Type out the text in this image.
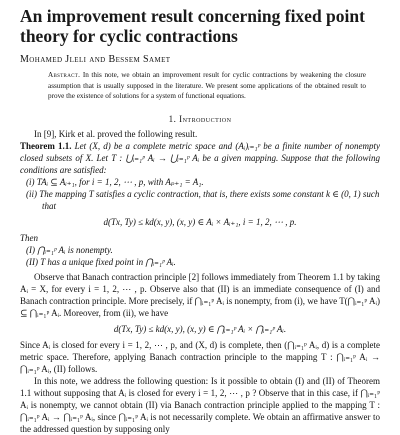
An improvement result concerning fixed point theory for cyclic contractions
Mohamed Jleli and Bessem Samet
Abstract. In this note, we obtain an improvement result for cyclic contractions by weakening the closure assumption that is usually supposed in the literature. We present some applications of the obtained result to prove the existence of solutions for a system of functional equations.
1. Introduction
In [9], Kirk et al. proved the following result.
Theorem 1.1. Let (X, d) be a complete metric space and (Aᵢ)ᵢ₌₁ᵖ be a finite number of nonempty closed subsets of X. Let T : ⋃ᵢ₌₁ᵖ Aᵢ → ⋃ᵢ₌₁ᵖ Aᵢ be a given mapping. Suppose that the following conditions are satisfied:
(i) TAᵢ ⊆ Aᵢ₊₁, for i = 1, 2, ⋯ , p, with Aₚ₊₁ = A₁.
(ii) The mapping T satisfies a cyclic contraction, that is, there exists some constant k ∈ (0, 1) such that
d(Tx, Ty) ≤ kd(x, y), (x, y) ∈ Aᵢ × Aᵢ₊₁, i = 1, 2, ⋯ , p.
Then
(I) ⋂ᵢ₌₁ᵖ Aᵢ is nonempty.
(II) T has a unique fixed point in ⋂ᵢ₌₁ᵖ Aᵢ.
Observe that Banach contraction principle [2] follows immediately from Theorem 1.1 by taking Aᵢ = X, for every i = 1, 2, ⋯ , p. Observe also that (II) is an immediate consequence of (I) and Banach contraction principle. More precisely, if ⋂ᵢ₌₁ᵖ Aᵢ is nonempty, from (i), we have T(⋂ᵢ₌₁ᵖ Aᵢ) ⊆ ⋂ᵢ₌₁ᵖ Aᵢ. Moreover, from (ii), we have
d(Tx, Ty) ≤ kd(x, y), (x, y) ∈ ⋂ᵢ₌₁ᵖ Aᵢ × ⋂ᵢ₌₁ᵖ Aᵢ.
Since Aᵢ is closed for every i = 1, 2, ⋯ , p, and (X, d) is complete, then (⋂ᵢ₌₁ᵖ Aᵢ, d) is a complete metric space. Therefore, applying Banach contraction principle to the mapping T : ⋂ᵢ₌₁ᵖ Aᵢ → ⋂ᵢ₌₁ᵖ Aᵢ, (II) follows.
In this note, we address the following question: Is it possible to obtain (I) and (II) of Theorem 1.1 without supposing that Aᵢ is closed for every i = 1, 2, ⋯ , p ? Observe that in this case, if ⋂ᵢ₌₁ᵖ Aᵢ is nonempty, we cannot obtain (II) via Banach contraction principle applied to the mapping T : ⋂ᵢ₌₁ᵖ Aᵢ → ⋂ᵢ₌₁ᵖ Aᵢ, since ⋂ᵢ₌₁ᵖ Aᵢ is not necessarily complete. We obtain an affirmative answer to the addressed question by supposing only
